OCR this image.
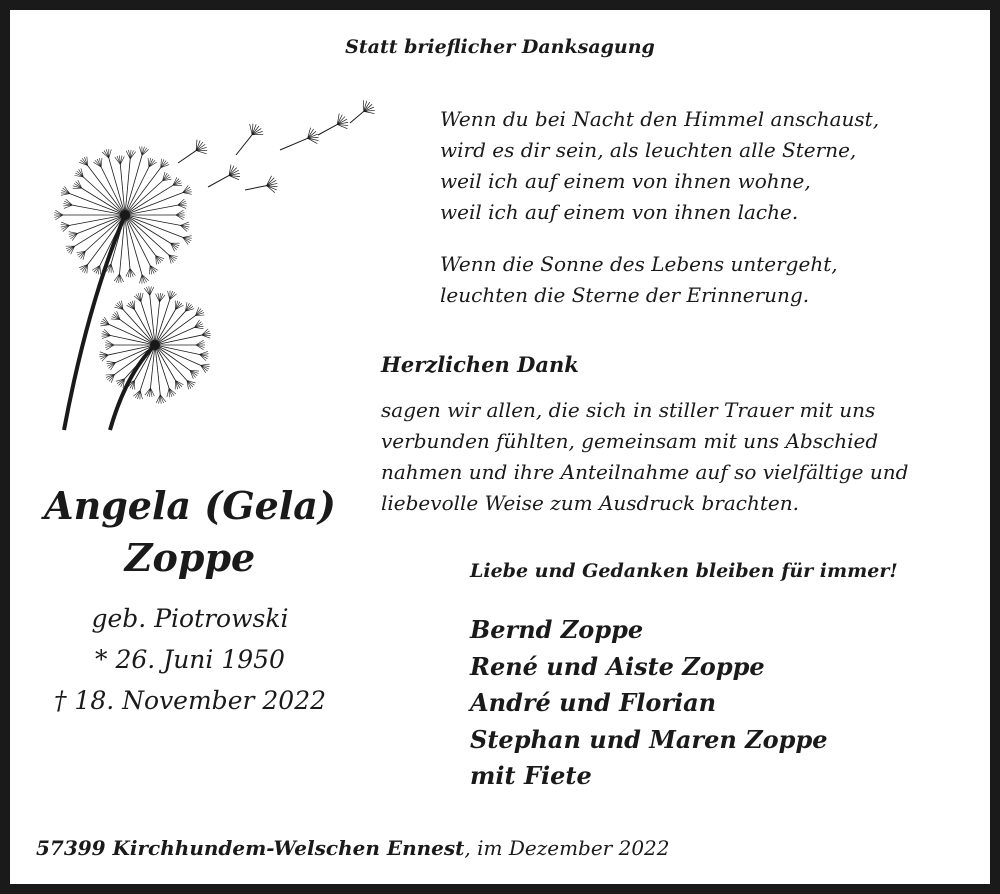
Statt brieflicher Danksagung
Wenn du bei Nacht den Himmel anschaust,
wird es dir sein, als leuchten alle Sterne,
weil ich auf einem von ihnen wohne,
weil ich auf einem von ihnen lache.
Wenn die Sonne des Lebens untergeht,
leuchten die Sterne der Erinnerung.
Herzlichen Dank
sagen wir allen, die sich in stiller Trauer mit uns
verbunden fühlten, gemeinsam mit uns Abschied
nahmen und ihre Anteilnahme auf so vielfältige und
liebevolle Weise zum Ausdruck brachten.
Angela (Gela)
Zoppe
geb. Piotrowski
* 26. Juni 1950
† 18. November 2022
Liebe und Gedanken bleiben für immer!
Bernd Zoppe
René und Aiste Zoppe
André und Florian
Stephan und Maren Zoppe
mit Fiete
57399 Kirchhundem-Welschen Ennest, im Dezember 2022
